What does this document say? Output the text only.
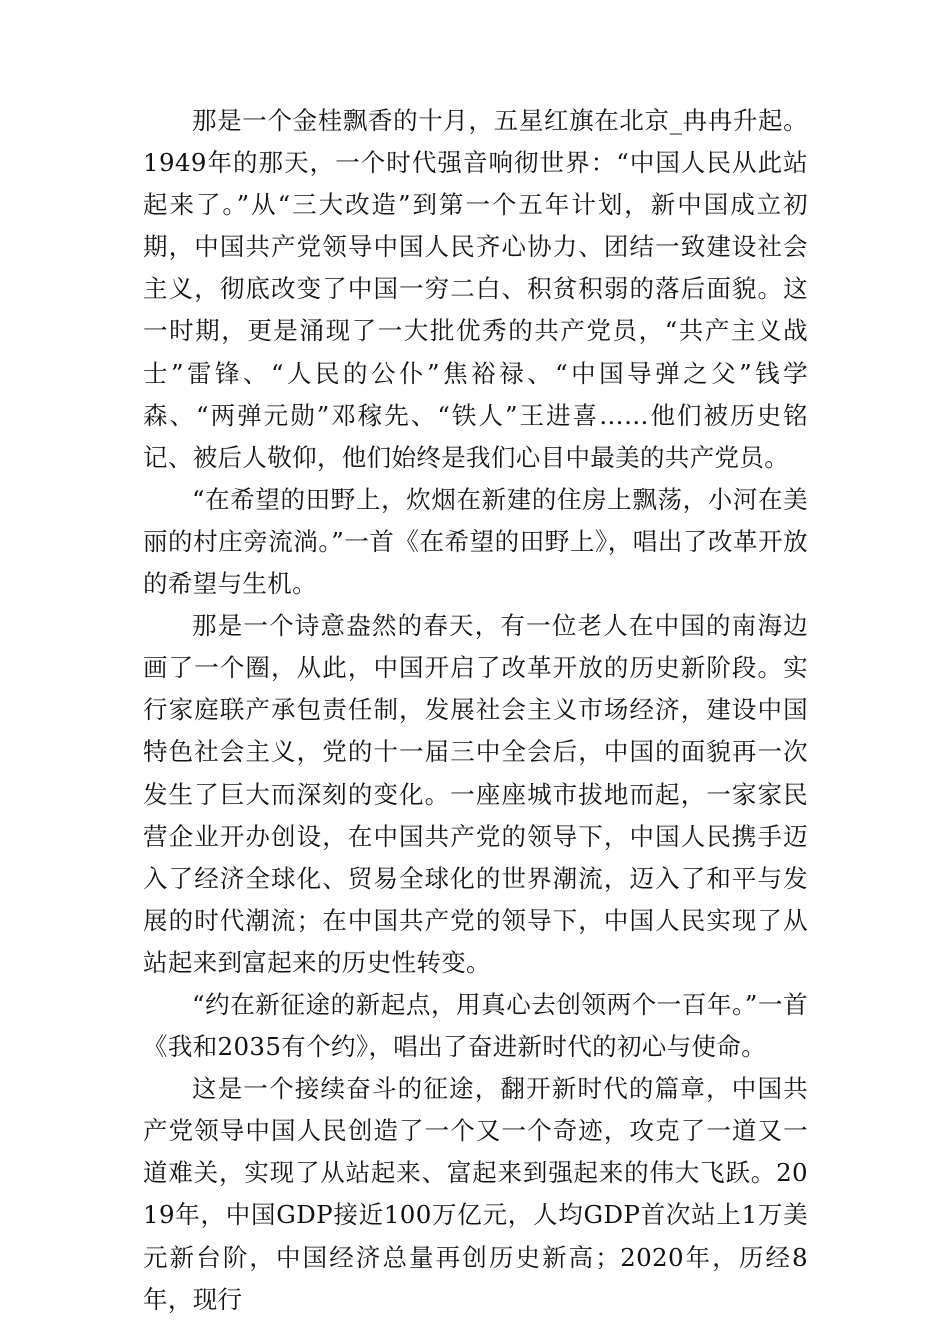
那是一个金桂飘香的十月，五星红旗在北京_冉冉升起。1949年的那天，一个时代强音响彻世界：“中国人民从此站起来了。”从“三大改造”到第一个五年计划，新中国成立初期，中国共产党领导中国人民齐心协力、团结一致建设社会主义，彻底改变了中国一穷二白、积贫积弱的落后面貌。这一时期，更是涌现了一大批优秀的共产党员，“共产主义战士”雷锋、“人民的公仆”焦裕禄、“中国导弹之父”钱学森、“两弹元勋”邓稼先、“铁人”王进喜……他们被历史铭记、被后人敬仰，他们始终是我们心目中最美的共产党员。

“在希望的田野上，炊烟在新建的住房上飘荡，小河在美丽的村庄旁流淌。”一首《在希望的田野上》，唱出了改革开放的希望与生机。

那是一个诗意盎然的春天，有一位老人在中国的南海边画了一个圈，从此，中国开启了改革开放的历史新阶段。实行家庭联产承包责任制，发展社会主义市场经济，建设中国特色社会主义，党的十一届三中全会后，中国的面貌再一次发生了巨大而深刻的变化。一座座城市拔地而起，一家家民营企业开办创设，在中国共产党的领导下，中国人民携手迈入了经济全球化、贸易全球化的世界潮流，迈入了和平与发展的时代潮流；在中国共产党的领导下，中国人民实现了从站起来到富起来的历史性转变。

“约在新征途的新起点，用真心去创领两个一百年。”一首《我和2035有个约》，唱出了奋进新时代的初心与使命。

这是一个接续奋斗的征途，翻开新时代的篇章，中国共产党领导中国人民创造了一个又一个奇迹，攻克了一道又一道难关，实现了从站起来、富起来到强起来的伟大飞跃。2019年，中国GDP接近100万亿元，人均GDP首次站上1万美元新台阶，中国经济总量再创历史新高；2020年，历经8年，现行
